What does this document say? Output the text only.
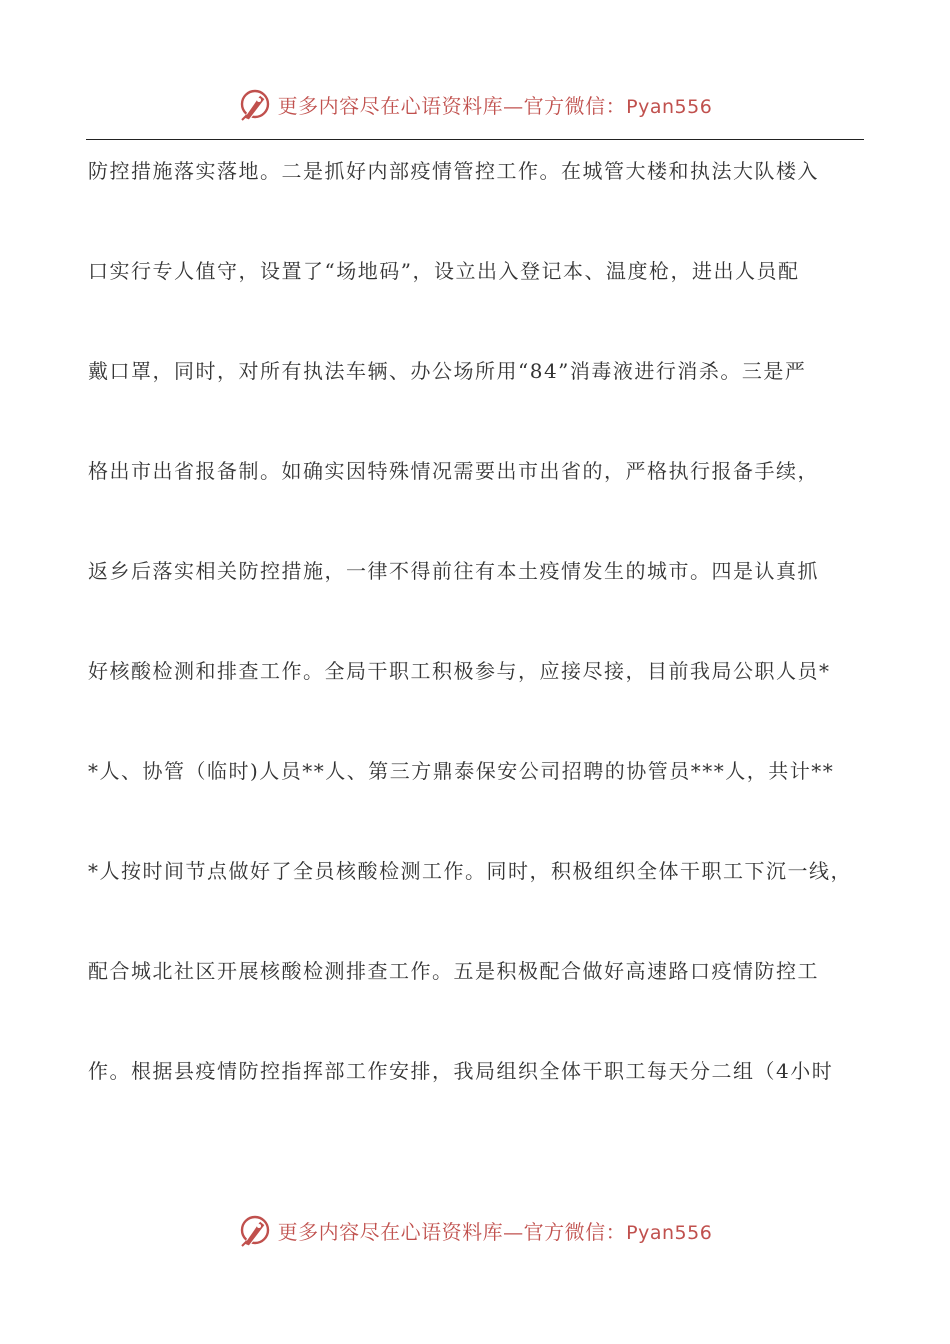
更多内容尽在心语资料库—官方微信：Pyan556
防控措施落实落地。二是抓好内部疫情管控工作。在城管大楼和执法大队楼入
口实行专人值守，设置了“场地码”，设立出入登记本、温度枪，进出人员配
戴口罩，同时，对所有执法车辆、办公场所用“84”消毒液进行消杀。三是严
格出市出省报备制。如确实因特殊情况需要出市出省的，严格执行报备手续，
返乡后落实相关防控措施，一律不得前往有本土疫情发生的城市。四是认真抓
好核酸检测和排查工作。全局干职工积极参与，应接尽接，目前我局公职人员*
*人、协管（临时)人员**人、第三方鼎泰保安公司招聘的协管员***人，共计**
*人按时间节点做好了全员核酸检测工作。同时，积极组织全体干职工下沉一线，
配合城北社区开展核酸检测排查工作。五是积极配合做好高速路口疫情防控工
作。根据县疫情防控指挥部工作安排，我局组织全体干职工每天分二组（4小时
更多内容尽在心语资料库—官方微信：Pyan556
